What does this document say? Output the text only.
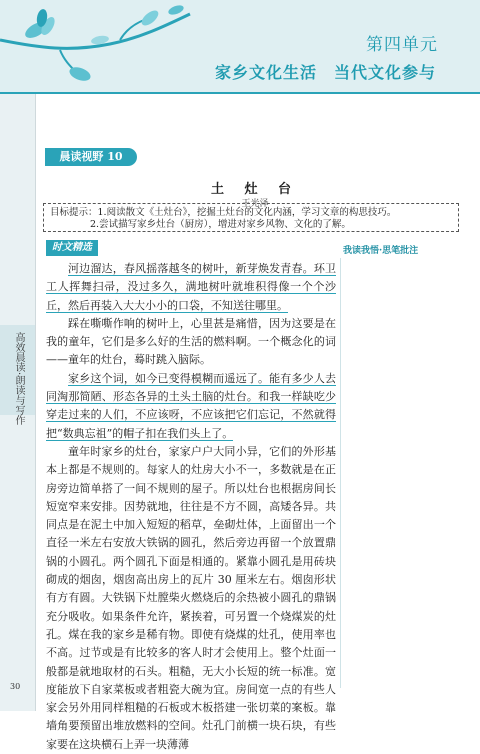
第四单元
家乡文化生活　当代文化参与
高效晨读·朗读与写作
30
晨读视野 10
土 灶 台
王光泽
目标提示：1.阅读散文《土灶台》，挖掘土灶台的文化内涵，学习文章的构思技巧。
2.尝试描写家乡灶台（厨房），增进对家乡风物、文化的了解。
时文精选	我读我悟·思笔批注

河边溜达，春风摇落越冬的树叶，新芽焕发青春。环卫工人挥舞扫帚，没过多久，满地树叶就堆积得像一个个沙丘，然后再装入大大小小的口袋，不知送往哪里。

踩在嘶嘶作响的树叶上，心里甚是痛惜，因为这要是在我的童年，它们是多么好的生活的燃料啊。一个概念化的词——童年的灶台，蓦时跳入脑际。

家乡这个词，如今已变得模糊而遥远了。能有多少人去同淘那简陋、形态各异的土头土脑的灶台。和我一样缺吃少穿走过来的人们，不应该呀，不应该把它们忘记，不然就得把“数典忘祖”的帽子扣在我们头上了。

童年时家乡的灶台，家家户户大同小异，它们的外形基本上都是不规则的。每家人的灶房大小不一，多数就是在正房旁边简单搭了一间不规则的屋子。所以灶台也根据房间长短宽窄来安排。因势就地，往往是不方不圆，高矮各异。共同点是在泥土中加入短短的稻草，垒砌灶体，上面留出一个直径一米左右安放大铁锅的圆孔，然后旁边再留一个放置鼎锅的小圆孔。两个圆孔下面是相通的。紧靠小圆孔是用砖块砌成的烟囱，烟囱高出房上的瓦片 30 厘米左右。烟囱形状有方有圆。大铁锅下灶膛柴火燃烧后的余热被小圆孔的鼎锅充分吸收。如果条件允许，紧挨着，可另置一个烧煤炭的灶孔。煤在我的家乡是稀有物。即使有烧煤的灶孔，使用率也不高。过节或是有比较多的客人时才会使用上。整个灶面一般都是就地取材的石头。粗糙，无大小长短的统一标准。宽度能放下自家菜板或者粗瓷大碗为宜。房间宽一点的有些人家会另外用同样粗糙的石板或木板搭建一张切菜的案板。靠墙角要预留出堆放燃料的空间。灶孔门前横一块石块，有些家要在这块横石上弄一块薄薄
